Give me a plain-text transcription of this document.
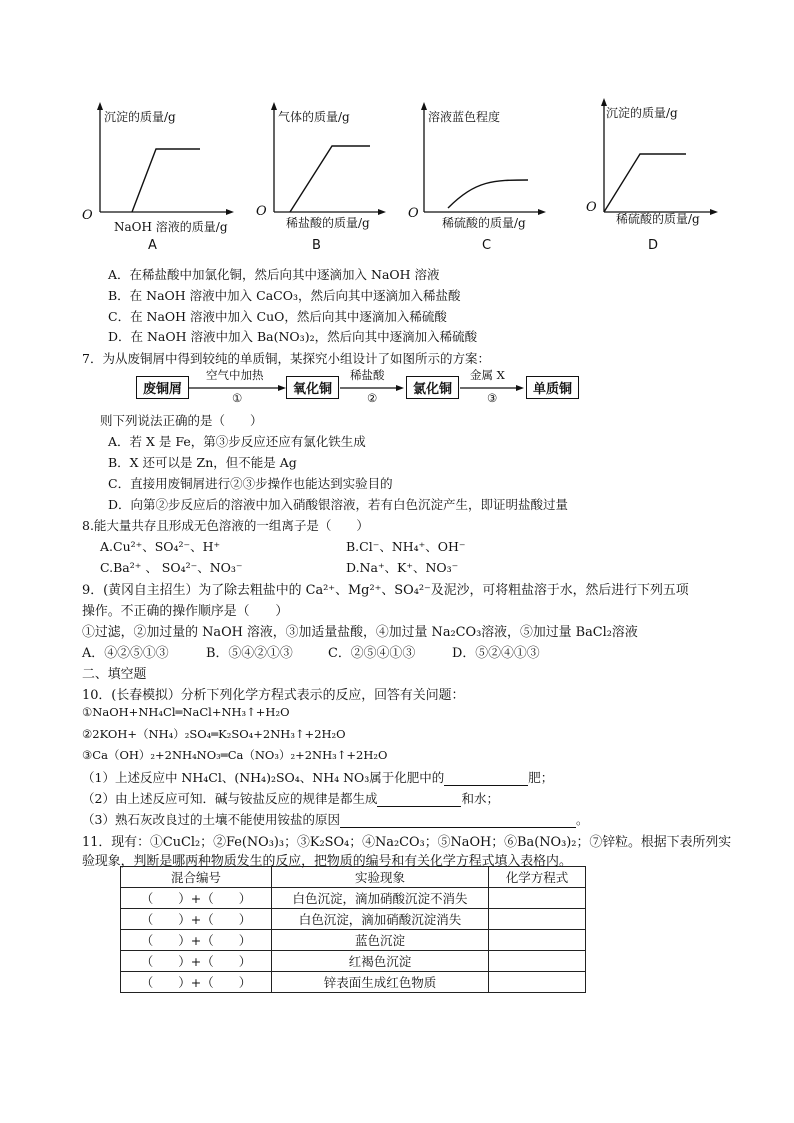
沉淀的质量/g
O
NaOH 溶液的质量/g
A
气体的质量/g
O
稀盐酸的质量/g
B
溶液蓝色程度
O
稀硫酸的质量/g
C
沉淀的质量/g
O
稀硫酸的质量/g
D
A．在稀盐酸中加氯化铜，然后向其中逐滴加入 NaOH 溶液
B．在 NaOH 溶液中加入 CaCO₃，然后向其中逐滴加入稀盐酸
C．在 NaOH 溶液中加入 CuO，然后向其中逐滴加入稀硫酸
D．在 NaOH 溶液中加入 Ba(NO₃)₂，然后向其中逐滴加入稀硫酸
7．为从废铜屑中得到较纯的单质铜，某探究小组设计了如图所示的方案：
废铜屑	氧化铜	氯化铜	单质铜
空气中加热
①
稀盐酸
②
金属 X
③
则下列说法正确的是（　　）
A．若 X 是 Fe，第③步反应还应有氯化铁生成
B．X 还可以是 Zn，但不能是 Ag
C．直接用废铜屑进行②③步操作也能达到实验目的
D．向第②步反应后的溶液中加入硝酸银溶液，若有白色沉淀产生，即证明盐酸过量
8.能大量共存且形成无色溶液的一组离子是（　　）
A.Cu²⁺、SO₄²⁻、H⁺	B.Cl⁻、NH₄⁺、OH⁻
C.Ba²⁺ 、 SO₄²⁻、NO₃⁻	D.Na⁺、K⁺、NO₃⁻
9．(黄冈自主招生）为了除去粗盐中的 Ca²⁺、Mg²⁺、SO₄²⁻及泥沙，可将粗盐溶于水，然后进行下列五项
操作。不正确的操作顺序是（　　）
①过滤，②加过量的 NaOH 溶液，③加适量盐酸，④加过量 Na₂CO₃溶液，⑤加过量 BaCl₂溶液
A．④②⑤①③	B．⑤④②①③	C．②⑤④①③	D．⑤②④①③
二、填空题
10．(长春模拟）分析下列化学方程式表示的反应，回答有关问题：
①NaOH+NH₄Cl═NaCl+NH₃↑+H₂O
②2KOH+（NH₄）₂SO₄═K₂SO₄+2NH₃↑+2H₂O
③Ca（OH）₂+2NH₄NO₃═Ca（NO₃）₂+2NH₃↑+2H₂O
（1）上述反应中 NH₄Cl、(NH₄)₂SO₄、NH₄ NO₃属于化肥中的	肥；
（2）由上述反应可知．碱与铵盐反应的规律是都生成	和水；
（3）熟石灰改良过的土壤不能使用铵盐的原因	。
11．现有：①CuCl₂；②Fe(NO₃)₃；③K₂SO₄；④Na₂CO₃；⑤NaOH；⑥Ba(NO₃)₂；⑦锌粒。根据下表所列实
验现象，判断是哪两种物质发生的反应，把物质的编号和有关化学方程式填入表格内。
混合编号	实验现象	化学方程式
（　　）+（　　）	白色沉淀，滴加硝酸沉淀不消失	
（　　）+（　　）	白色沉淀，滴加硝酸沉淀消失	
（　　）+（　　）	蓝色沉淀	
（　　）+（　　）	红褐色沉淀	
（　　）+（　　）	锌表面生成红色物质	
